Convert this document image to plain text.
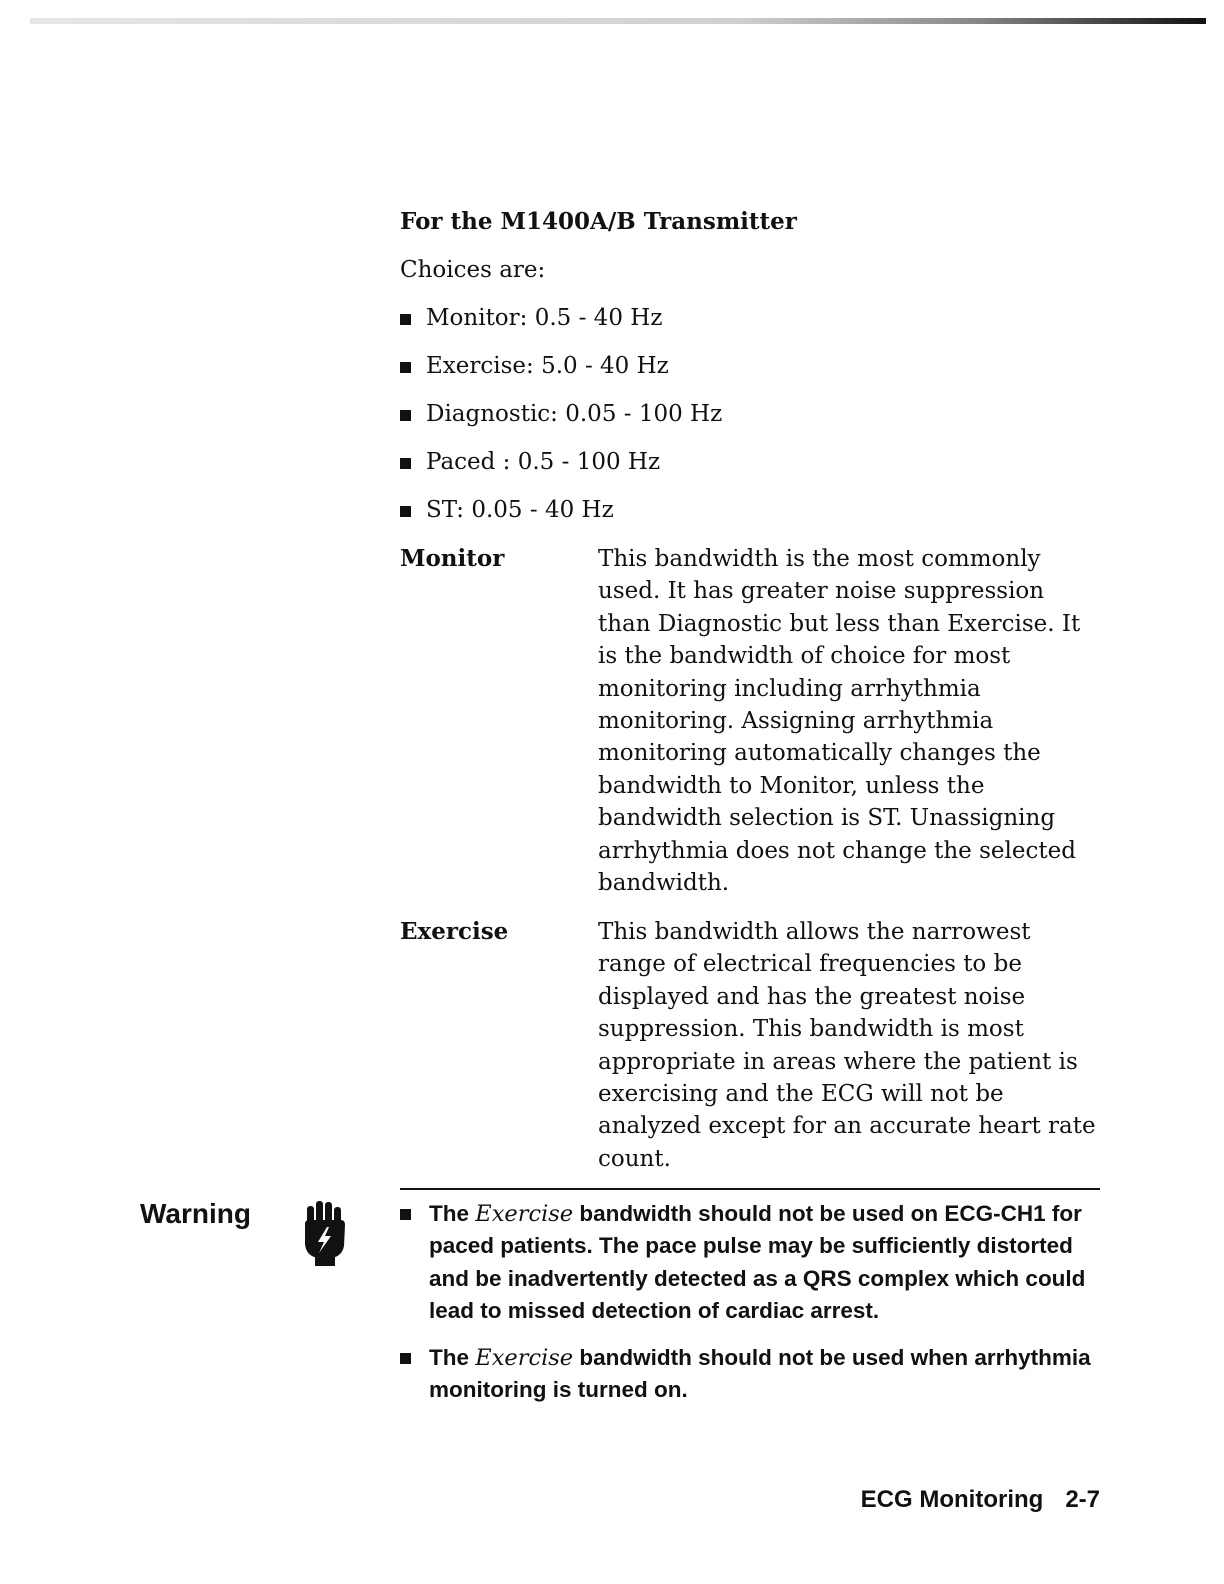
For the M1400A/B Transmitter
Choices are:
Monitor: 0.5 - 40 Hz
Exercise: 5.0 - 40 Hz
Diagnostic: 0.05 - 100 Hz
Paced : 0.5 - 100 Hz
ST: 0.05 - 40 Hz
Monitor	This bandwidth is the most commonly used. It has greater noise suppression than Diagnostic but less than Exercise. It is the bandwidth of choice for most monitoring including arrhythmia monitoring. Assigning arrhythmia monitoring automatically changes the bandwidth to Monitor, unless the bandwidth selection is ST. Unassigning arrhythmia does not change the selected bandwidth.
Exercise	This bandwidth allows the narrowest range of electrical frequencies to be displayed and has the greatest noise suppression. This bandwidth is most appropriate in areas where the patient is exercising and the ECG will not be analyzed except for an accurate heart rate count.
Warning	The Exercise bandwidth should not be used on ECG-CH1 for paced patients. The pace pulse may be sufficiently distorted and be inadvertently detected as a QRS complex which could lead to missed detection of cardiac arrest.
The Exercise bandwidth should not be used when arrhythmia monitoring is turned on.
ECG Monitoring 2-7
